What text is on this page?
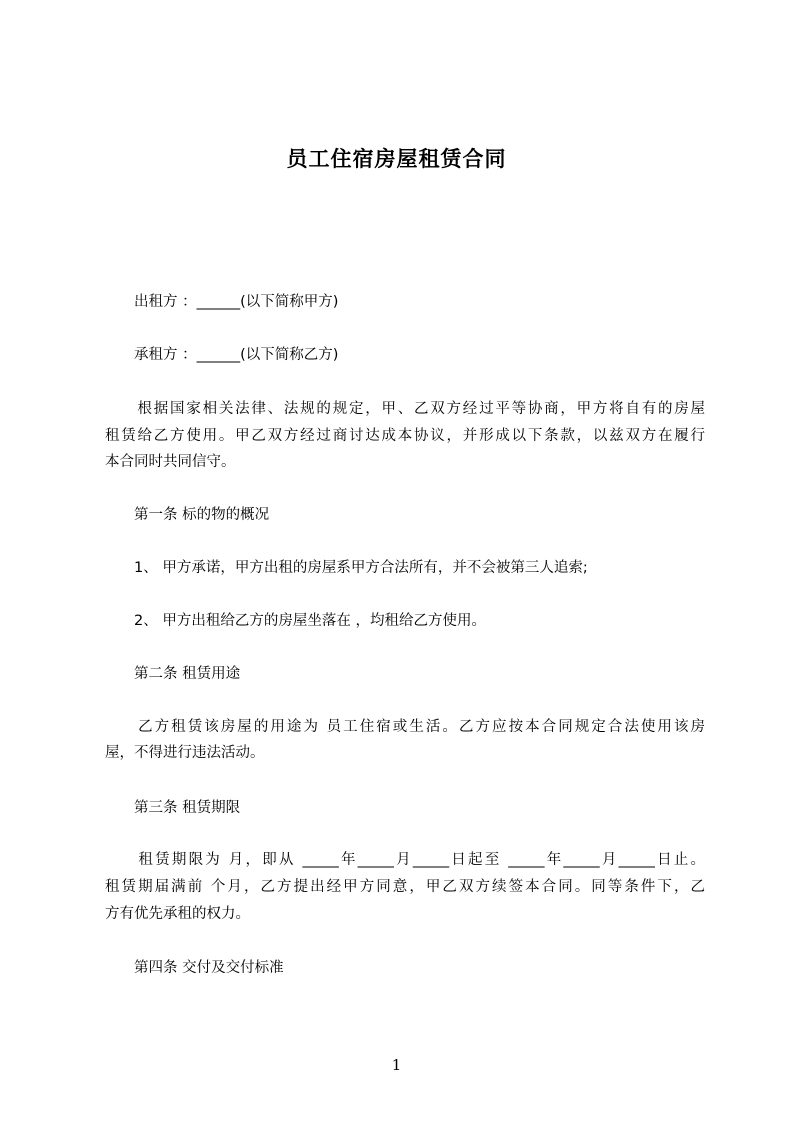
员工住宿房屋租赁合同
　　出租方 ：______(以下简称甲方)
　　承租方 ：______(以下简称乙方)
　　根据国家相关法律、法规的规定，甲、乙双方经过平等协商，甲方将自有的房屋
租赁给乙方使用。甲乙双方经过商讨达成本协议，并形成以下条款，以兹双方在履行
本合同时共同信守。
　　第一条 标的物的概况
　　1、 甲方承诺，甲方出租的房屋系甲方合法所有，并不会被第三人追索;
　　2、 甲方出租给乙方的房屋坐落在 ，均租给乙方使用。
　　第二条 租赁用途
　　乙方租赁该房屋的用途为 员工住宿或生活。乙方应按本合同规定合法使用该房
屋，不得进行违法活动。
　　第三条 租赁期限
　　租赁期限为 月，即从 _____年_____月_____日起至 _____年_____月_____日止。
租赁期届满前 个月，乙方提出经甲方同意，甲乙双方续签本合同。同等条件下，乙
方有优先承租的权力。
　　第四条 交付及交付标准
1
